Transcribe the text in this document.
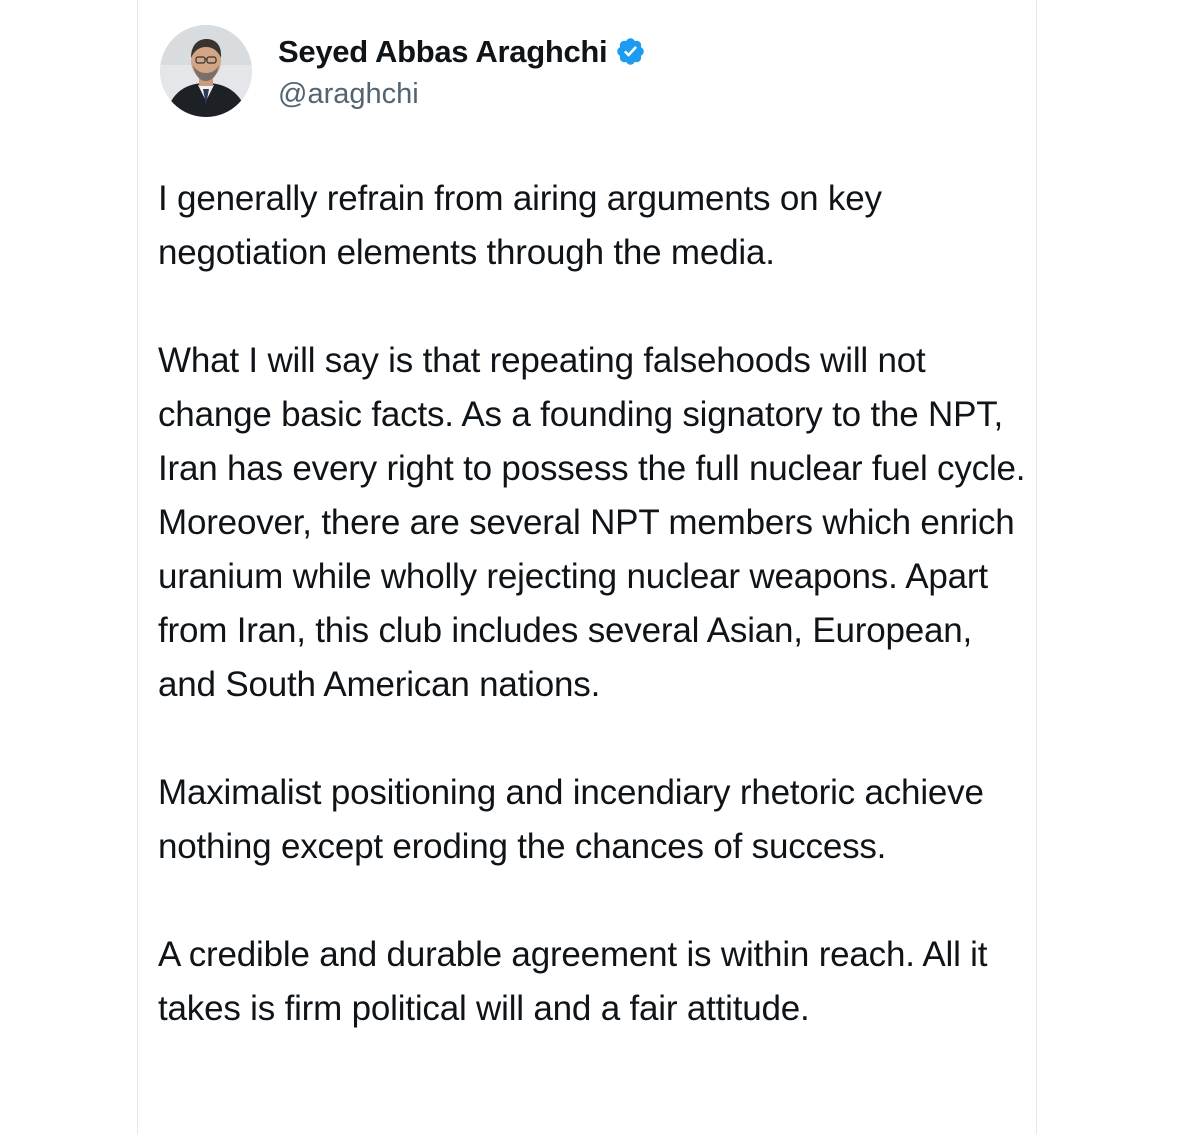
Seyed Abbas Araghchi
@araghchi

I generally refrain from airing arguments on key negotiation elements through the media.

What I will say is that repeating falsehoods will not change basic facts. As a founding signatory to the NPT, Iran has every right to possess the full nuclear fuel cycle. Moreover, there are several NPT members which enrich uranium while wholly rejecting nuclear weapons. Apart from Iran, this club includes several Asian, European, and South American nations.

Maximalist positioning and incendiary rhetoric achieve nothing except eroding the chances of success.

A credible and durable agreement is within reach. All it takes is firm political will and a fair attitude.
